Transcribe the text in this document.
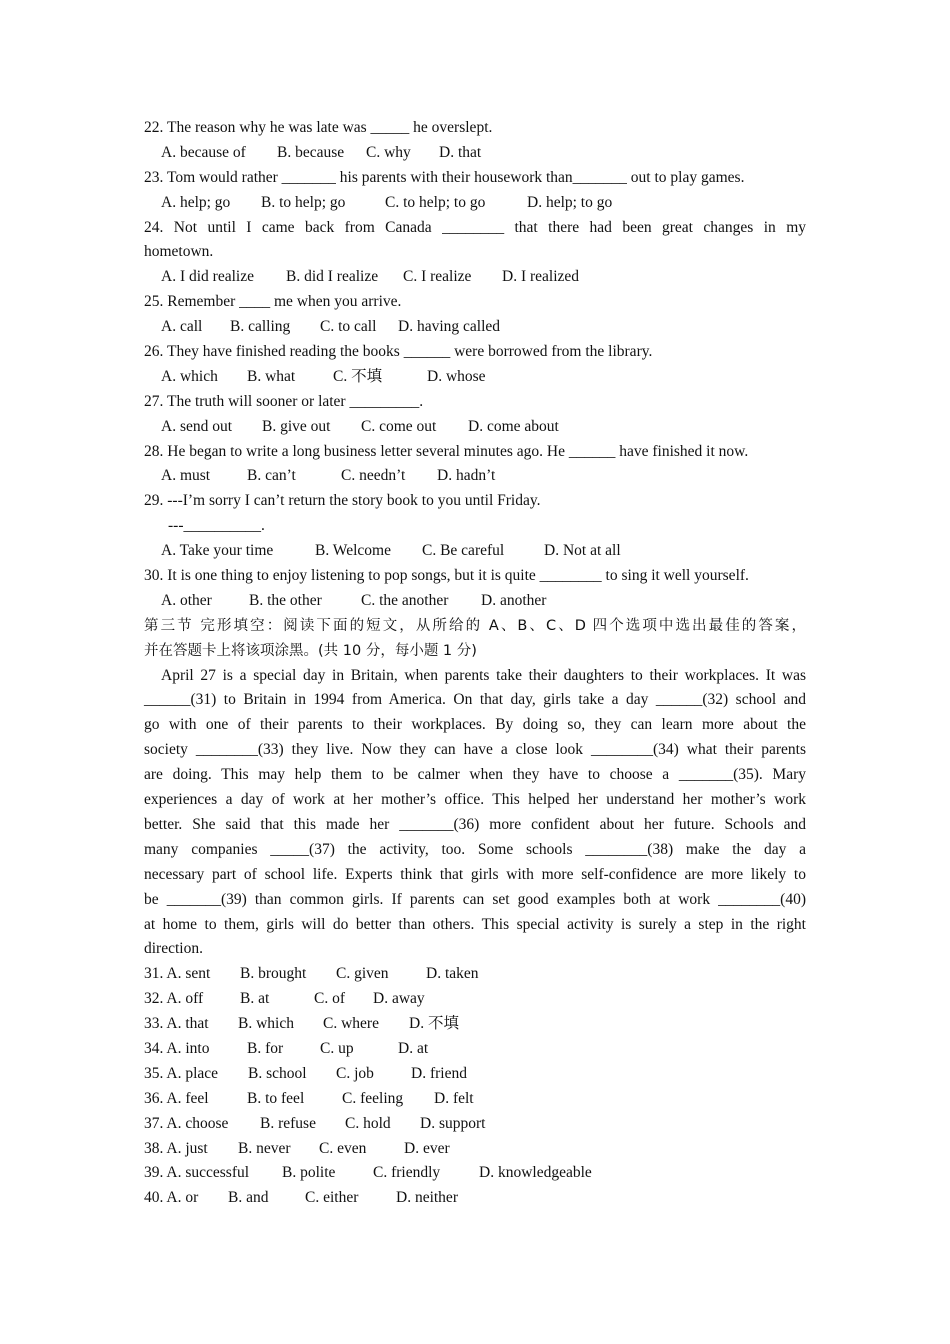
22. The reason why he was late was _____ he overslept.
A. because of B. because C. why D. that
23. Tom would rather _______ his parents with their housework than_______ out to play games.
A. help; go B. to help; go	C. to help; to go	D. help; to go
24. Not until I came back from Canada ________ that there had been great changes in my
hometown.
A. I did realize B. did I realize C. I realize D. I realized
25. Remember ____ me when you arrive.
A. call B. calling C. to call D. having called
26. They have finished reading the books ______ were borrowed from the library.
A. which B. what C. 不填	D. whose
27. The truth will sooner or later _________.
A. send out B. give out C. come out D. come about
28. He began to write a long business letter several minutes ago. He ______ have finished it now.
A. must B. can’t	C. needn’t D. hadn’t
29. ---I’m sorry I can’t return the story book to you until Friday.
---__________.
A. Take your time	B. Welcome C. Be careful	D. Not at all
30. It is one thing to enjoy listening to pop songs, but it is quite ________ to sing it well yourself.
A. other B. the other	C. the another D. another
第三节 完形填空：阅读下面的短文，从所给的 A、B、C、D 四个选项中选出最佳的答案，
并在答题卡上将该项涂黑。(共 10 分，每小题 1 分)
April 27 is a special day in Britain, when parents take their daughters to their workplaces. It was
______(31) to Britain in 1994 from America. On that day, girls take a day ______(32) school and
go with one of their parents to their workplaces. By doing so, they can learn more about the
society ________(33) they live. Now they can have a close look ________(34) what their parents
are doing. This may help them to be calmer when they have to choose a _______(35). Mary
experiences a day of work at her mother’s office. This helped her understand her mother’s work
better. She said that this made her _______(36) more confident about her future. Schools and
many companies _____(37) the activity, too. Some schools ________(38) make the day a
necessary part of school life. Experts think that girls with more self-confidence are more likely to
be _______(39) than common girls. If parents can set good examples both at work ________(40)
at home to them, girls will do better than others. This special activity is surely a step in the right
direction.
31. A. sent B. brought C. given D. taken
32. A. off B. at	C. of D. away
33. A. that B. which C. where D. 不填
34. A. into B. for C. up	D. at
35. A. place B. school C. job D. friend
36. A. feel B. to feel C. feeling D. felt
37. A. choose B. refuse C. hold D. support
38. A. just B. never C. even D. ever
39. A. successful B. polite C. friendly	D. knowledgeable
40. A. or B. and C. either D. neither
